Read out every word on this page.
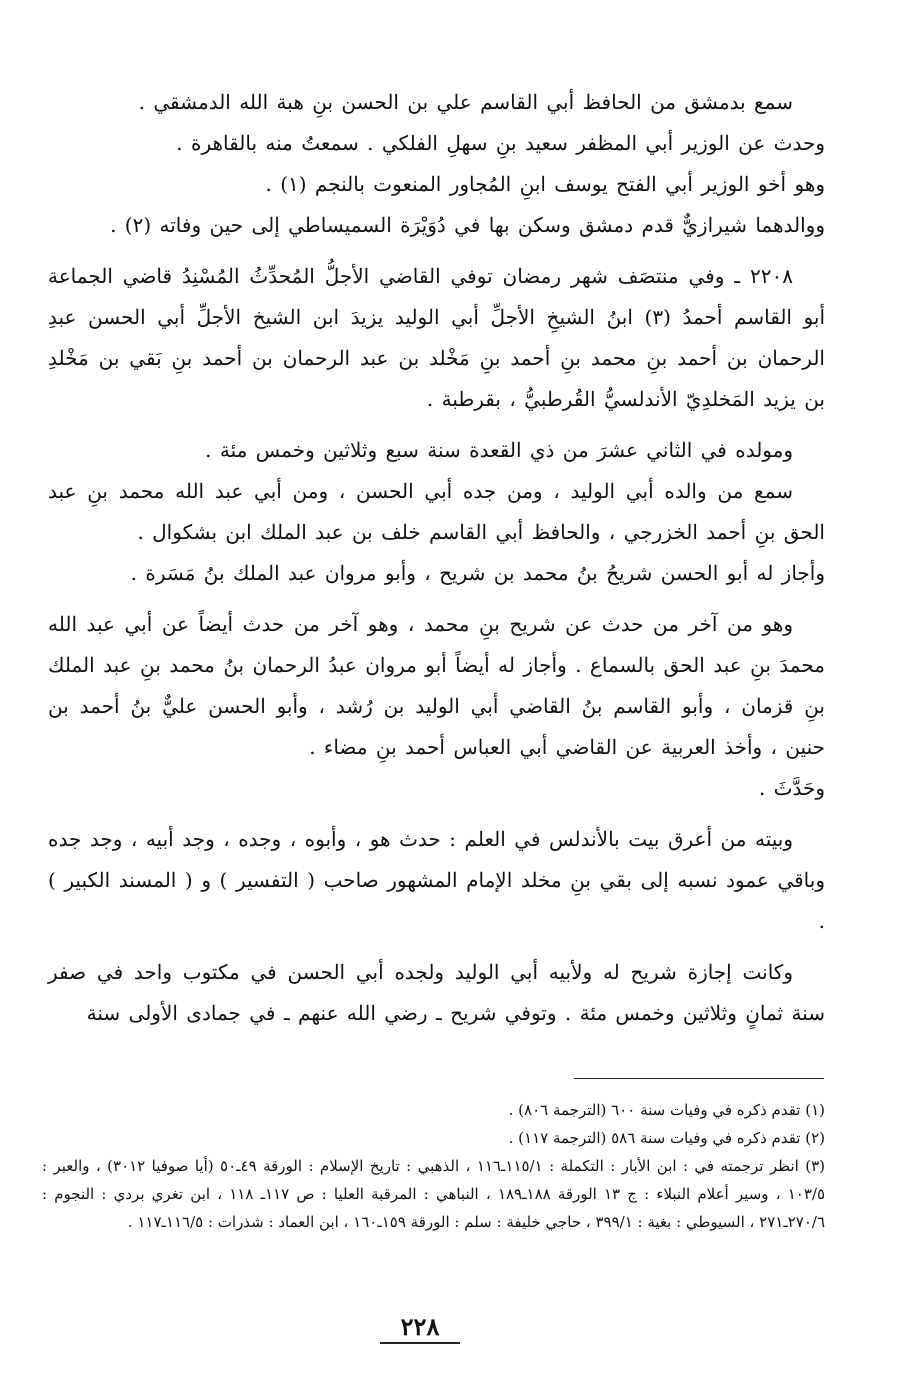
سمع بدمشق من الحافظ أبي القاسم علي بن الحسن بنِ هبة الله الدمشقي .

وحدث عن الوزير أبي المظفر سعيد بنِ سهلِ الفلكي . سمعتُ منه بالقاهرة .

وهو أخو الوزير أبي الفتح يوسف ابنِ المُجاور المنعوت بالنجم (١) .

ووالدهما شيرازيٌّ قدم دمشق وسكن بها في دُوَيْرَة السميساطي إلى حين وفاته (٢) .

٢٢٠٨ ـ وفي منتصَف شهر رمضان توفي القاضي الأجلُّ المُحدِّثُ المُسْنِدُ قاضي الجماعة أبو القاسم أحمدُ (٣) ابنُ الشيخِ الأجلِّ أبي الوليد يزيدَ ابن الشيخ الأجلِّ أبي الحسن عبدِ الرحمان بن أحمد بنِ محمد بنِ أحمد بنِ مَخْلد بن عبد الرحمان بن أحمد بنِ بَقي بن مَخْلدِ بن يزيد المَخلدِيّ الأندلسيُّ القُرطبيُّ ، بقرطبة .

ومولده في الثاني عشرَ من ذي القعدة سنة سبع وثلاثين وخمس مئة .

سمع من والده أبي الوليد ، ومن جده أبي الحسن ، ومن أبي عبد الله محمد بنِ عبد الحق بنِ أحمد الخزرجي ، والحافظ أبي القاسم خلف بن عبد الملك ابن بشكوال .

وأجاز له أبو الحسن شريحُ بنُ محمد بن شريح ، وأبو مروان عبد الملك بنُ مَسَرة .

وهو من آخر من حدث عن شريح بنِ محمد ، وهو آخر من حدث أيضاً عن أبي عبد الله محمدَ بنِ عبد الحق بالسماع . وأجاز له أيضاً أبو مروان عبدُ الرحمان بنُ محمد بنِ عبد الملك بنِ قزمان ، وأبو القاسم بنُ القاضي أبي الوليد بن رُشد ، وأبو الحسن عليٌّ بنُ أحمد بن حنين ، وأخذ العربية عن القاضي أبي العباس أحمد بنِ مضاء .

وحَدَّثَ .

وبيته من أعرق بيت بالأندلس في العلم : حدث هو ، وأبوه ، وجده ، وجد أبيه ، وجد جده وباقي عمود نسبه إلى بقي بنِ مخلد الإمام المشهور صاحب ( التفسير ) و ( المسند الكبير ) .

وكانت إجازة شريح له ولأبيه أبي الوليد ولجده أبي الحسن في مكتوب واحد في صفر سنة ثمانٍ وثلاثين وخمس مئة . وتوفي شريح ـ رضي الله عنهم ـ في جمادى الأولى سنة

(١) تقدم ذكره في وفيات سنة ٦٠٠ (الترجمة ٨٠٦) .

(٢) تقدم ذكره في وفيات سنة ٥٨٦ (الترجمة ١١٧) .

(٣) انظر ترجمته في : ابن الأبار : التكملة : ١١٥/١ـ١١٦ ، الذهبي : تاريخ الإسلام : الورقة ٤٩ـ٥٠ (أيا صوفيا ٣٠١٢) ، والعبر : ١٠٣/٥ ، وسير أعلام النبلاء : ج ١٣ الورقة ١٨٨ـ١٨٩ ، النباهي : المرقبة العليا : ص ١١٧ـ ١١٨ ، ابن تغري بردي : النجوم : ٢٧٠/٦ـ٢٧١ ، السيوطي : بغية : ٣٩٩/١ ، حاجي خليفة : سلم : الورقة ١٥٩ـ١٦٠ ، ابن العماد : شذرات : ١١٦/٥ـ١١٧ .

٢٢٨
